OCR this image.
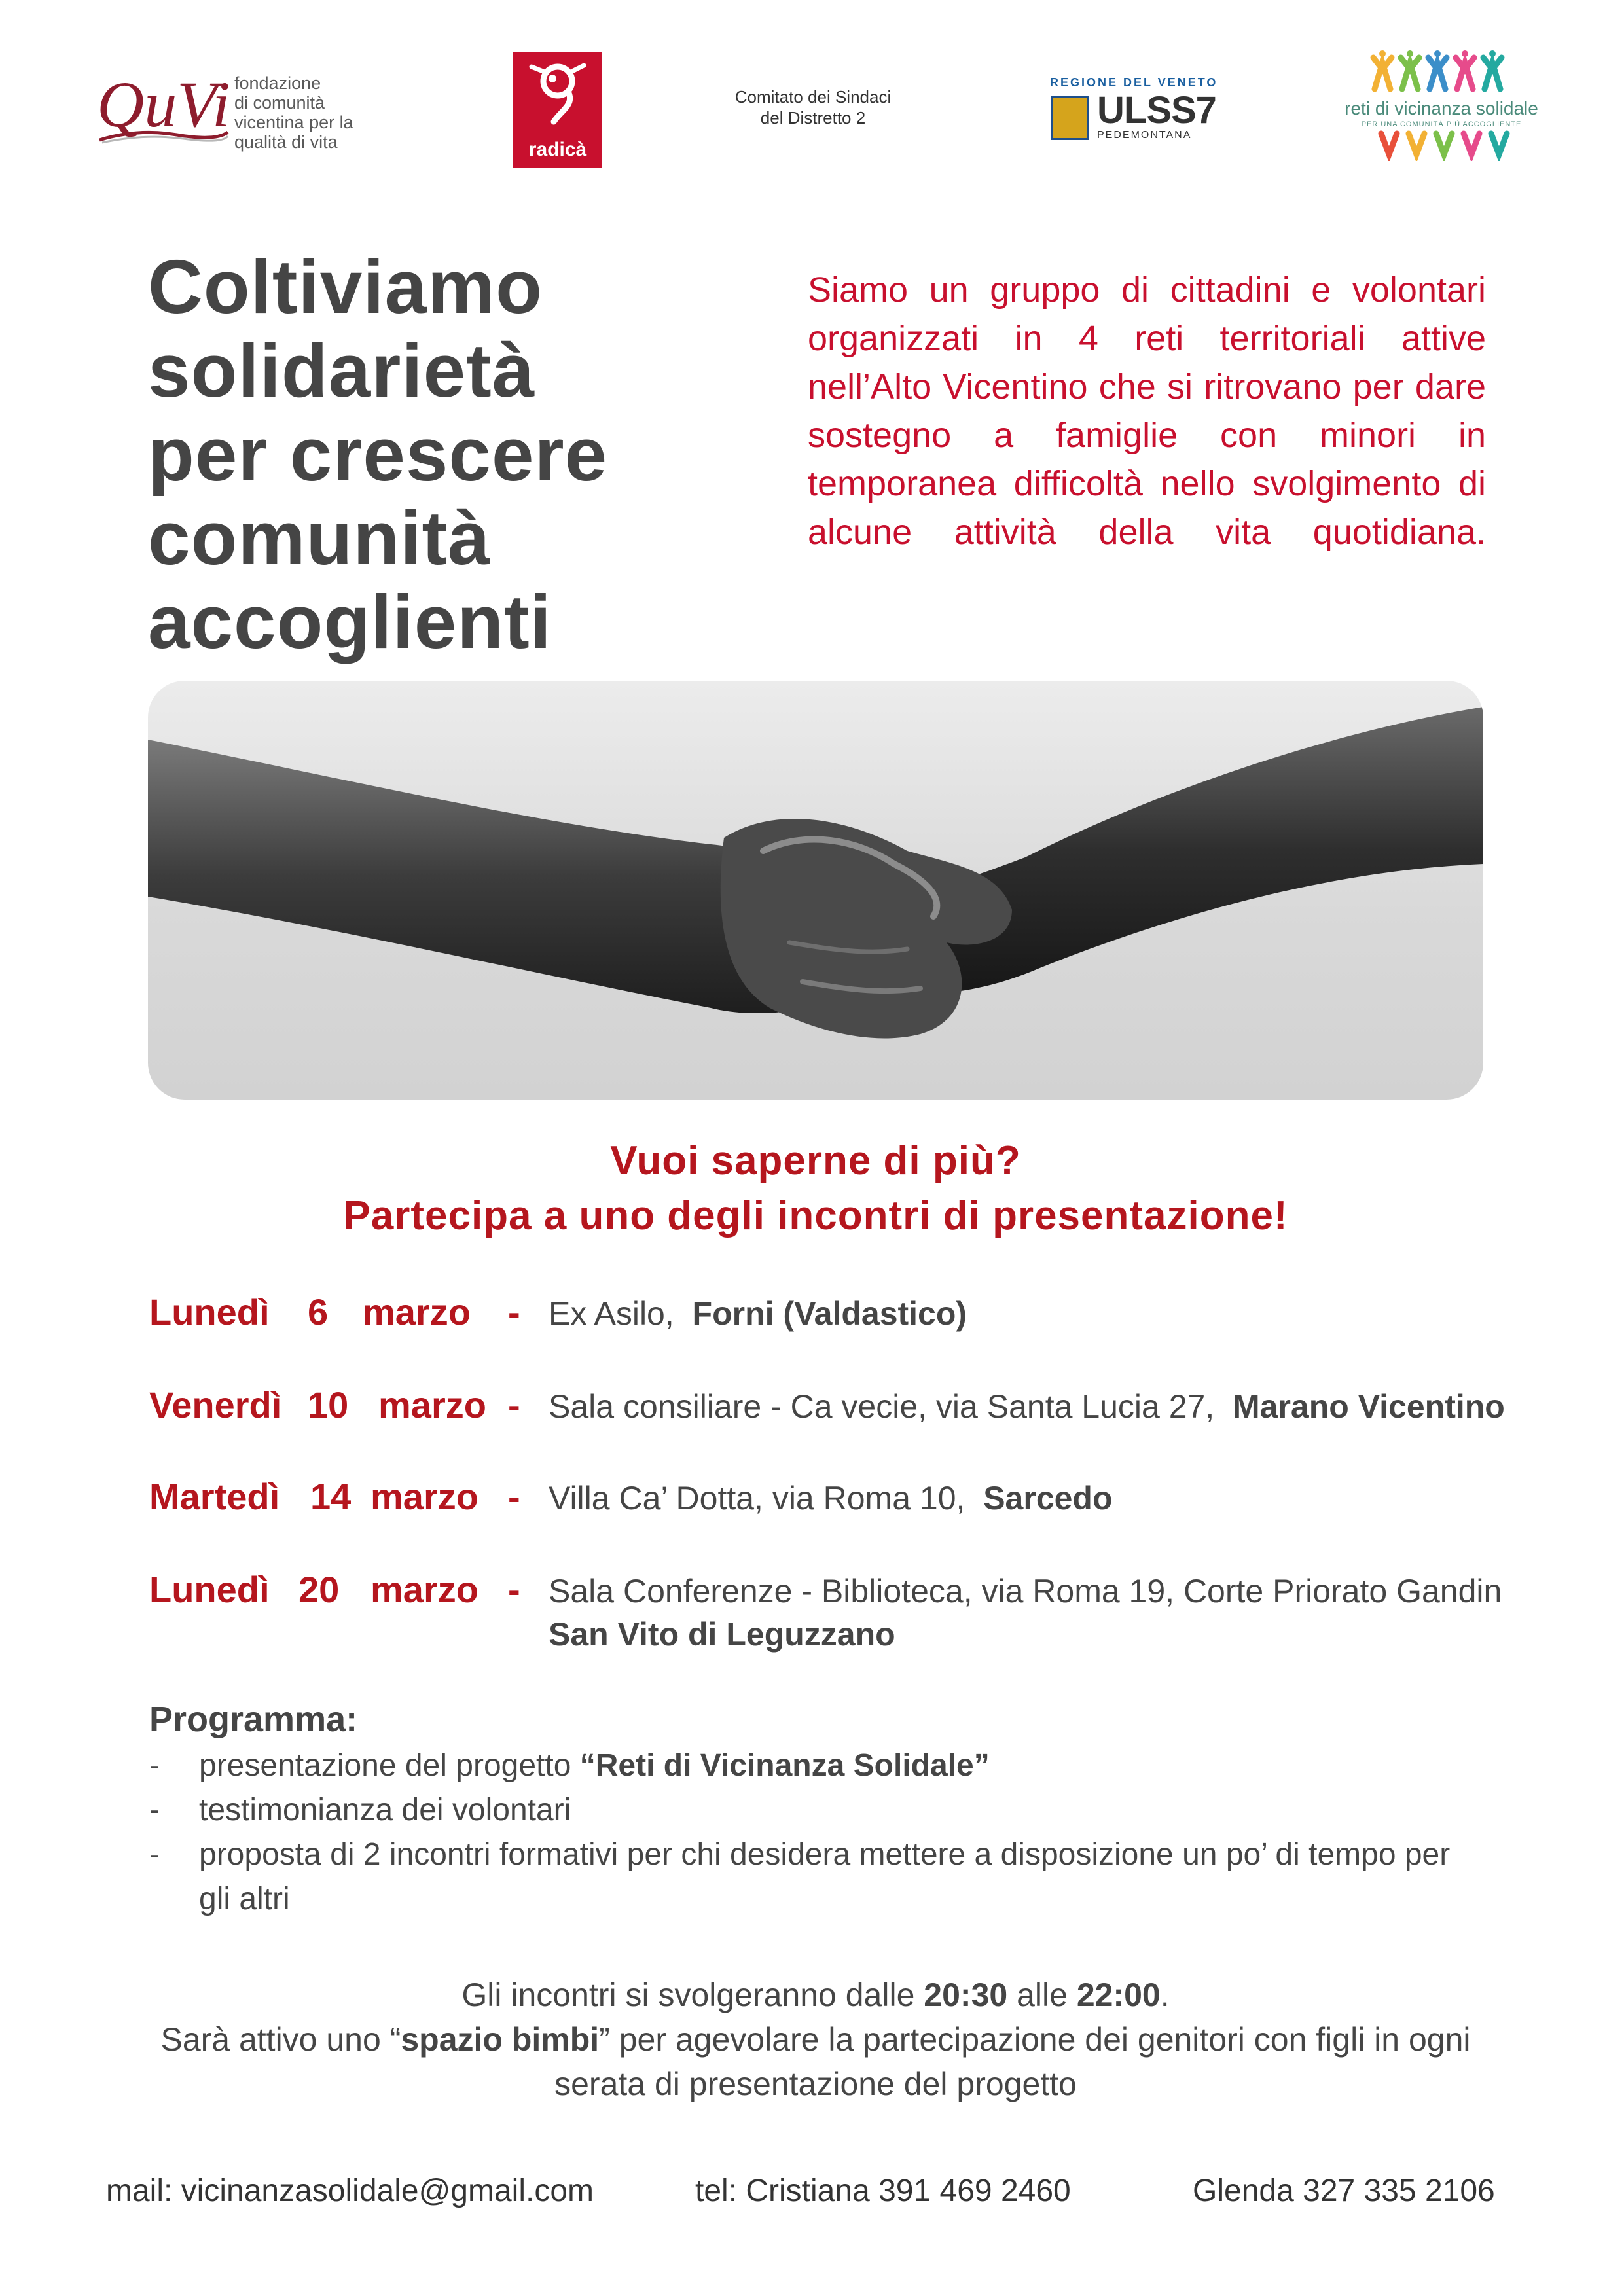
QuVi fondazione
di comunità
vicentina per la
qualità di vita	radicà
Comitato dei Sindaci
del Distretto 2
REGIONE DEL VENETO
ULSS7
PEDEMONTANA
reti di vicinanza solidale
PER UNA COMUNITÀ PIÙ ACCOGLIENTE
Coltiviamo
solidarietà
per crescere
comunità
accoglienti

Siamo un gruppo di cittadini e volontari organizzati in 4 reti territoriali attive nell’Alto Vicentino che si ritrovano per dare sostegno a famiglie con minori in temporanea difficoltà nello svolgimento di alcune attività della vita quotidiana.

Vuoi saperne di più?
Partecipa a uno degli incontri di presentazione!
Lunedì 6 marzo - Ex Asilo, Forni (Valdastico)
Venerdì 10 marzo - Sala consiliare - Ca vecie, via Santa Lucia 27, Marano Vicentino
Martedì 14 marzo - Villa Ca’ Dotta, via Roma 10, Sarcedo
Lunedì 20 marzo - Sala Conferenze - Biblioteca, via Roma 19, Corte Priorato Gandin
San Vito di Leguzzano
Programma:
- presentazione del progetto “Reti di Vicinanza Solidale”
- testimonianza dei volontari
- proposta di 2 incontri formativi per chi desidera mettere a disposizione un po’ di tempo per gli altri

Gli incontri si svolgeranno dalle 20:30 alle 22:00.
Sarà attivo uno “spazio bimbi” per agevolare la partecipazione dei genitori con figli in ogni serata di presentazione del progetto

mail: vicinanzasolidale@gmail.com	tel: Cristiana 391 469 2460	Glenda 327 335 2106
